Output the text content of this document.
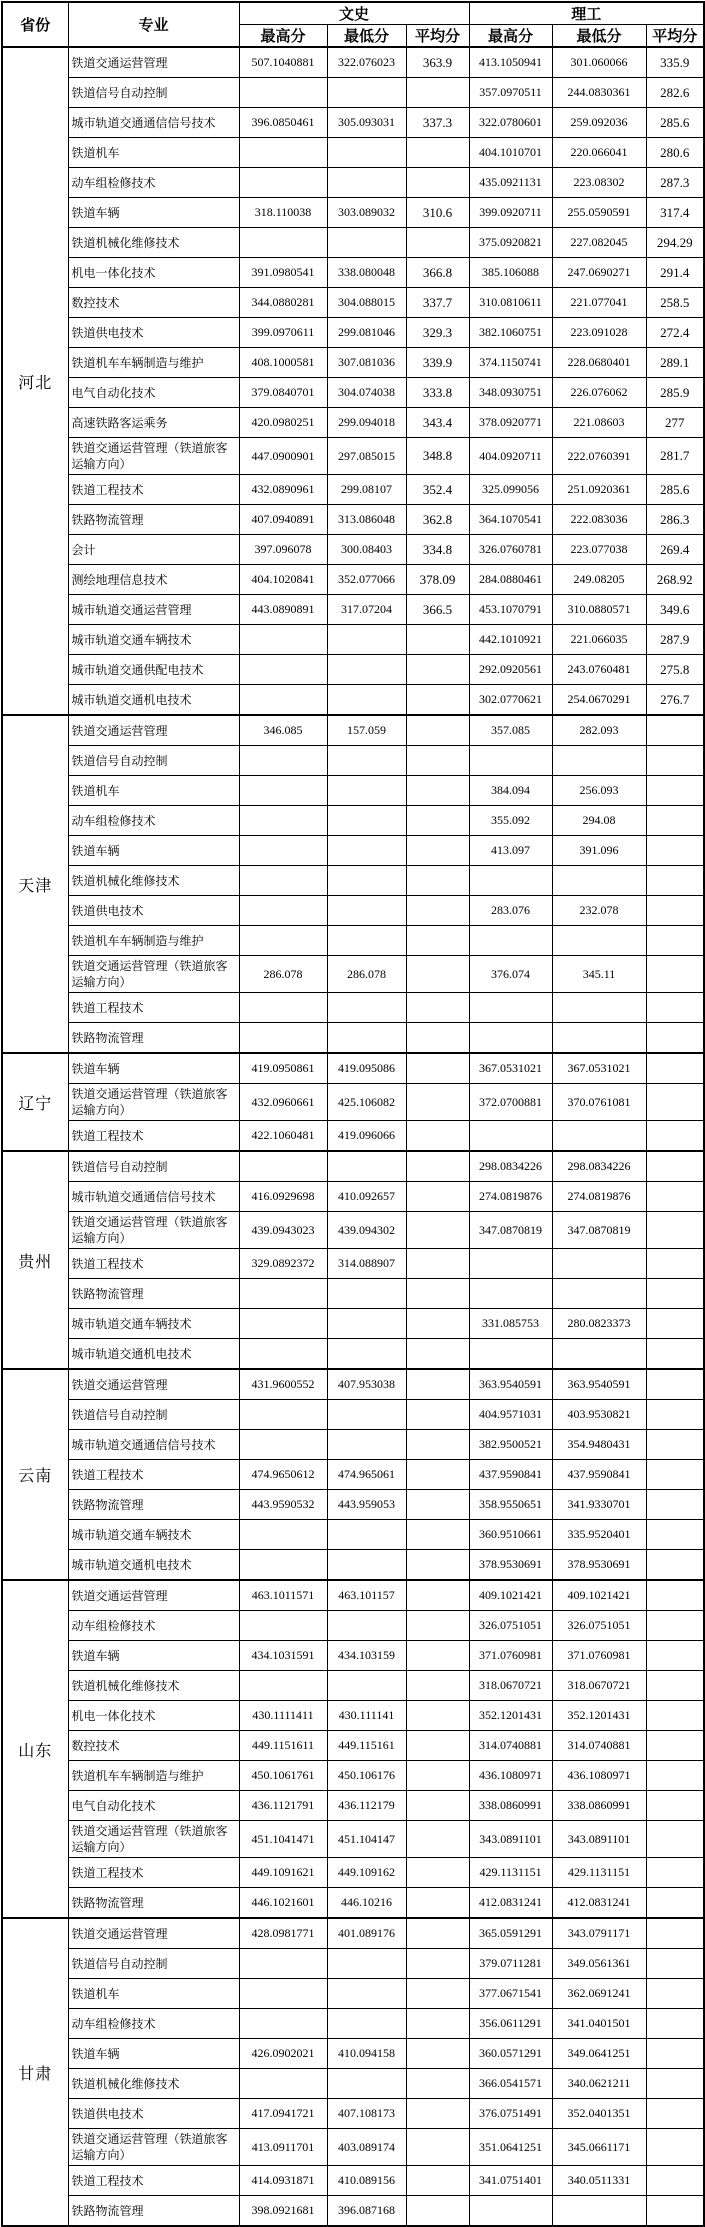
省份	专业	文史			理工		
		最高分	最低分	平均分	最高分	最低分	平均分
河北	铁道交通运营管理	507.1040881	322.076023	363.9	413.1050941	301.060066	335.9
	铁道信号自动控制				357.0970511	244.0830361	282.6
	城市轨道交通通信信号技术	396.0850461	305.093031	337.3	322.0780601	259.092036	285.6
	铁道机车				404.1010701	220.066041	280.6
	动车组检修技术				435.0921131	223.08302	287.3
	铁道车辆	318.110038	303.089032	310.6	399.0920711	255.0590591	317.4
	铁道机械化维修技术				375.0920821	227.082045	294.29
	机电一体化技术	391.0980541	338.080048	366.8	385.106088	247.0690271	291.4
	数控技术	344.0880281	304.088015	337.7	310.0810611	221.077041	258.5
	铁道供电技术	399.0970611	299.081046	329.3	382.1060751	223.091028	272.4
	铁道机车车辆制造与维护	408.1000581	307.081036	339.9	374.1150741	228.0680401	289.1
	电气自动化技术	379.0840701	304.074038	333.8	348.0930751	226.076062	285.9
	高速铁路客运乘务	420.0980251	299.094018	343.4	378.0920771	221.08603	277
	铁道交通运营管理（铁道旅客运输方向）	447.0900901	297.085015	348.8	404.0920711	222.0760391	281.7
	铁道工程技术	432.0890961	299.08107	352.4	325.099056	251.0920361	285.6
	铁路物流管理	407.0940891	313.086048	362.8	364.1070541	222.083036	286.3
	会计	397.096078	300.08403	334.8	326.0760781	223.077038	269.4
	测绘地理信息技术	404.1020841	352.077066	378.09	284.0880461	249.08205	268.92
	城市轨道交通运营管理	443.0890891	317.07204	366.5	453.1070791	310.0880571	349.6
	城市轨道交通车辆技术				442.1010921	221.066035	287.9
	城市轨道交通供配电技术				292.0920561	243.0760481	275.8
	城市轨道交通机电技术				302.0770621	254.0670291	276.7
天津	铁道交通运营管理	346.085	157.059		357.085	282.093	
	铁道信号自动控制						
	铁道机车				384.094	256.093	
	动车组检修技术				355.092	294.08	
	铁道车辆				413.097	391.096	
	铁道机械化维修技术						
	铁道供电技术				283.076	232.078	
	铁道机车车辆制造与维护						
	铁道交通运营管理（铁道旅客运输方向）	286.078	286.078		376.074	345.11	
	铁道工程技术						
	铁路物流管理						
辽宁	铁道车辆	419.0950861	419.095086		367.0531021	367.0531021	
	铁道交通运营管理（铁道旅客运输方向）	432.0960661	425.106082		372.0700881	370.0761081	
	铁道工程技术	422.1060481	419.096066				
贵州	铁道信号自动控制				298.0834226	298.0834226	
	城市轨道交通通信信号技术	416.0929698	410.092657		274.0819876	274.0819876	
	铁道交通运营管理（铁道旅客运输方向）	439.0943023	439.094302		347.0870819	347.0870819	
	铁道工程技术	329.0892372	314.088907				
	铁路物流管理						
	城市轨道交通车辆技术				331.085753	280.0823373	
	城市轨道交通机电技术						
云南	铁道交通运营管理	431.9600552	407.953038		363.9540591	363.9540591	
	铁道信号自动控制				404.9571031	403.9530821	
	城市轨道交通通信信号技术				382.9500521	354.9480431	
	铁道工程技术	474.9650612	474.965061		437.9590841	437.9590841	
	铁路物流管理	443.9590532	443.959053		358.9550651	341.9330701	
	城市轨道交通车辆技术				360.9510661	335.9520401	
	城市轨道交通机电技术				378.9530691	378.9530691	
山东	铁道交通运营管理	463.1011571	463.101157		409.1021421	409.1021421	
	动车组检修技术				326.0751051	326.0751051	
	铁道车辆	434.1031591	434.103159		371.0760981	371.0760981	
	铁道机械化维修技术				318.0670721	318.0670721	
	机电一体化技术	430.1111411	430.111141		352.1201431	352.1201431	
	数控技术	449.1151611	449.115161		314.0740881	314.0740881	
	铁道机车车辆制造与维护	450.1061761	450.106176		436.1080971	436.1080971	
	电气自动化技术	436.1121791	436.112179		338.0860991	338.0860991	
	铁道交通运营管理（铁道旅客运输方向）	451.1041471	451.104147		343.0891101	343.0891101	
	铁道工程技术	449.1091621	449.109162		429.1131151	429.1131151	
	铁路物流管理	446.1021601	446.10216		412.0831241	412.0831241	
甘肃	铁道交通运营管理	428.0981771	401.089176		365.0591291	343.0791171	
	铁道信号自动控制				379.0711281	349.0561361	
	铁道机车				377.0671541	362.0691241	
	动车组检修技术				356.0611291	341.0401501	
	铁道车辆	426.0902021	410.094158		360.0571291	349.0641251	
	铁道机械化维修技术				366.0541571	340.0621211	
	铁道供电技术	417.0941721	407.108173		376.0751491	352.0401351	
	铁道交通运营管理（铁道旅客运输方向）	413.0911701	403.089174		351.0641251	345.0661171	
	铁道工程技术	414.0931871	410.089156		341.0751401	340.0511331	
	铁路物流管理	398.0921681	396.087168				
